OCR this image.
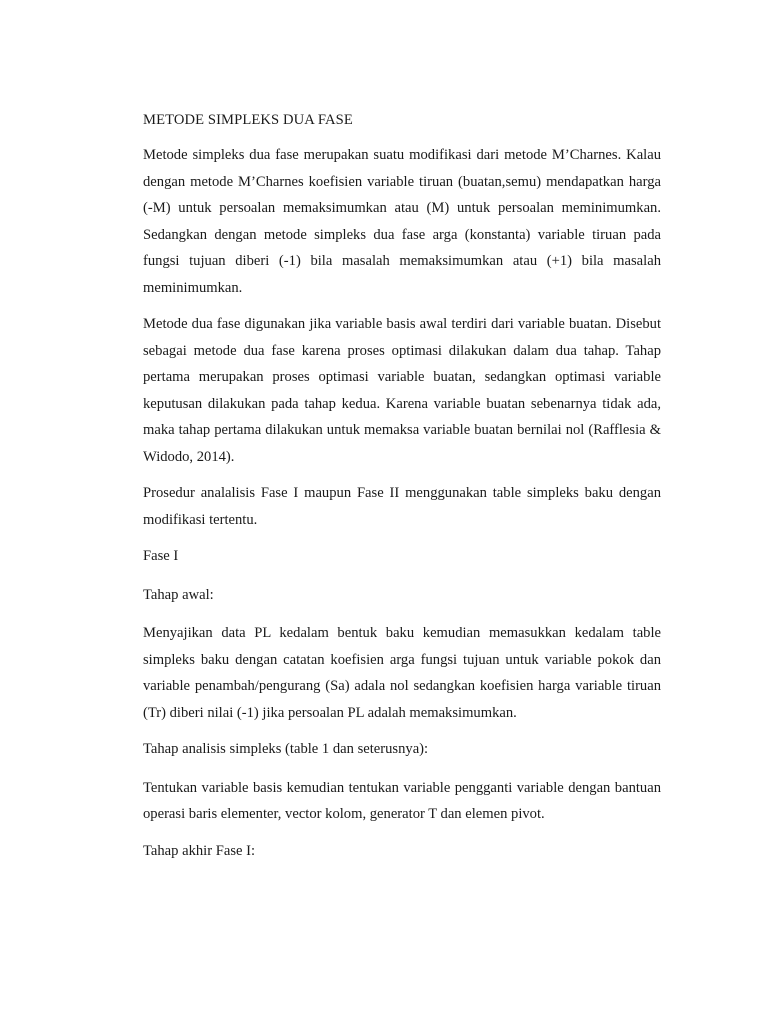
METODE SIMPLEKS DUA FASE

Metode simpleks dua fase merupakan suatu modifikasi dari metode M’Charnes. Kalau dengan metode M’Charnes koefisien variable tiruan (buatan,semu) mendapatkan harga (-M) untuk persoalan memaksimumkan atau (M) untuk persoalan meminimumkan. Sedangkan dengan metode simpleks dua fase arga (konstanta) variable tiruan pada fungsi tujuan diberi (-1) bila masalah memaksimumkan atau (+1) bila masalah meminimumkan.

Metode dua fase digunakan jika variable basis awal terdiri dari variable buatan. Disebut sebagai metode dua fase karena proses optimasi dilakukan dalam dua tahap. Tahap pertama merupakan proses optimasi variable buatan, sedangkan optimasi variable keputusan dilakukan pada tahap kedua. Karena variable buatan sebenarnya tidak ada, maka tahap pertama dilakukan untuk memaksa variable buatan bernilai nol (Rafflesia & Widodo, 2014).

Prosedur analalisis Fase I maupun Fase II menggunakan table simpleks baku dengan modifikasi tertentu.

Fase I

Tahap awal:

Menyajikan data PL kedalam bentuk baku kemudian memasukkan kedalam table simpleks baku dengan catatan koefisien arga fungsi tujuan untuk variable pokok dan variable penambah/pengurang (Sa) adala nol sedangkan koefisien harga variable tiruan (Tr) diberi nilai (-1) jika persoalan PL adalah memaksimumkan.

Tahap analisis simpleks (table 1 dan seterusnya):

Tentukan variable basis kemudian tentukan variable pengganti variable dengan bantuan operasi baris elementer, vector kolom, generator T dan elemen pivot.

Tahap akhir Fase I:
